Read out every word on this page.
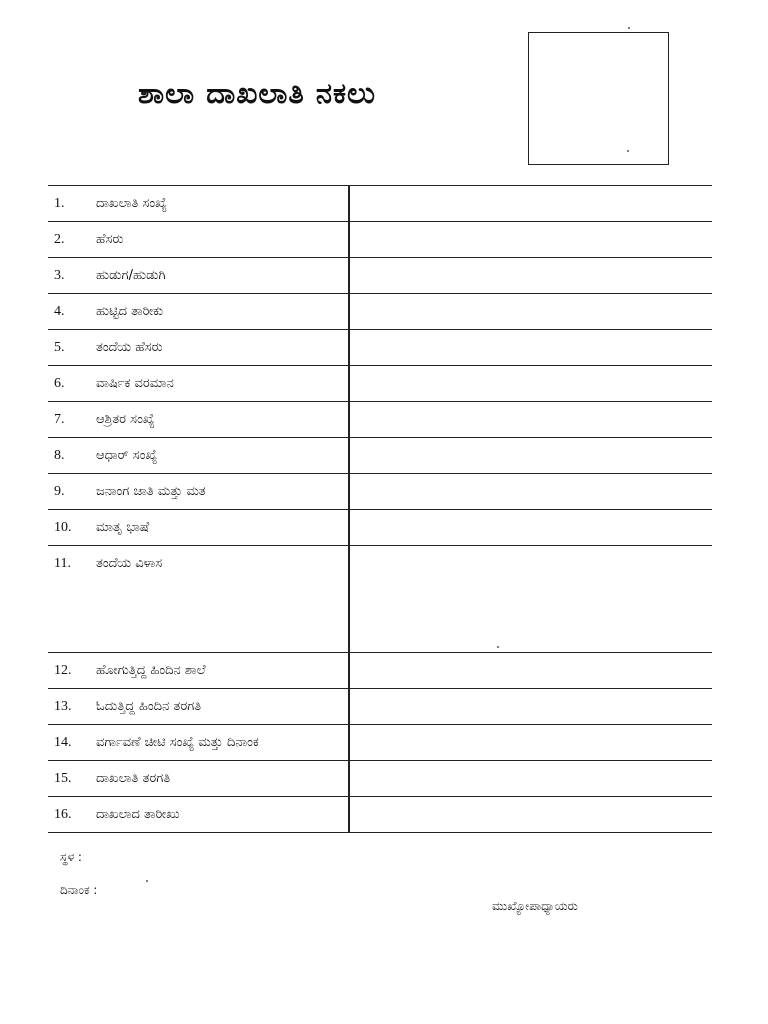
ಶಾಲಾ ದಾಖಲಾತಿ ನಕಲು
1. ದಾಖಲಾತಿ ಸಂಖ್ಯೆ	
2. ಹೆಸರು	
3. ಹುಡುಗ/ಹುಡುಗಿ	
4. ಹುಟ್ಟಿದ ತಾರೀಕು	
5. ತಂದೆಯ ಹೆಸರು	
6. ವಾರ್ಷಿಕ ವರಮಾನ	
7. ಆಶ್ರಿತರ ಸಂಖ್ಯೆ	
8. ಆಧಾರ್ ಸಂಖ್ಯೆ	
9. ಜನಾಂಗ ಜಾತಿ ಮತ್ತು ಮತ	
10. ಮಾತೃ ಭಾಷೆ	
11. ತಂದೆಯ ವಿಳಾಸ	
12. ಹೋಗುತ್ತಿದ್ದ ಹಿಂದಿನ ಶಾಲೆ	
13. ಓದುತ್ತಿದ್ದ ಹಿಂದಿನ ತರಗತಿ	
14. ವರ್ಗಾವಣೆ ಚೀಟಿ ಸಂಖ್ಯೆ ಮತ್ತು ದಿನಾಂಕ	
15. ದಾಖಲಾತಿ ತರಗತಿ	
16. ದಾಖಲಾದ ತಾರೀಖು	
ಸ್ಥಳ :
ದಿನಾಂಕ :
ಮುಖ್ಯೋಪಾಧ್ಯಾಯರು
